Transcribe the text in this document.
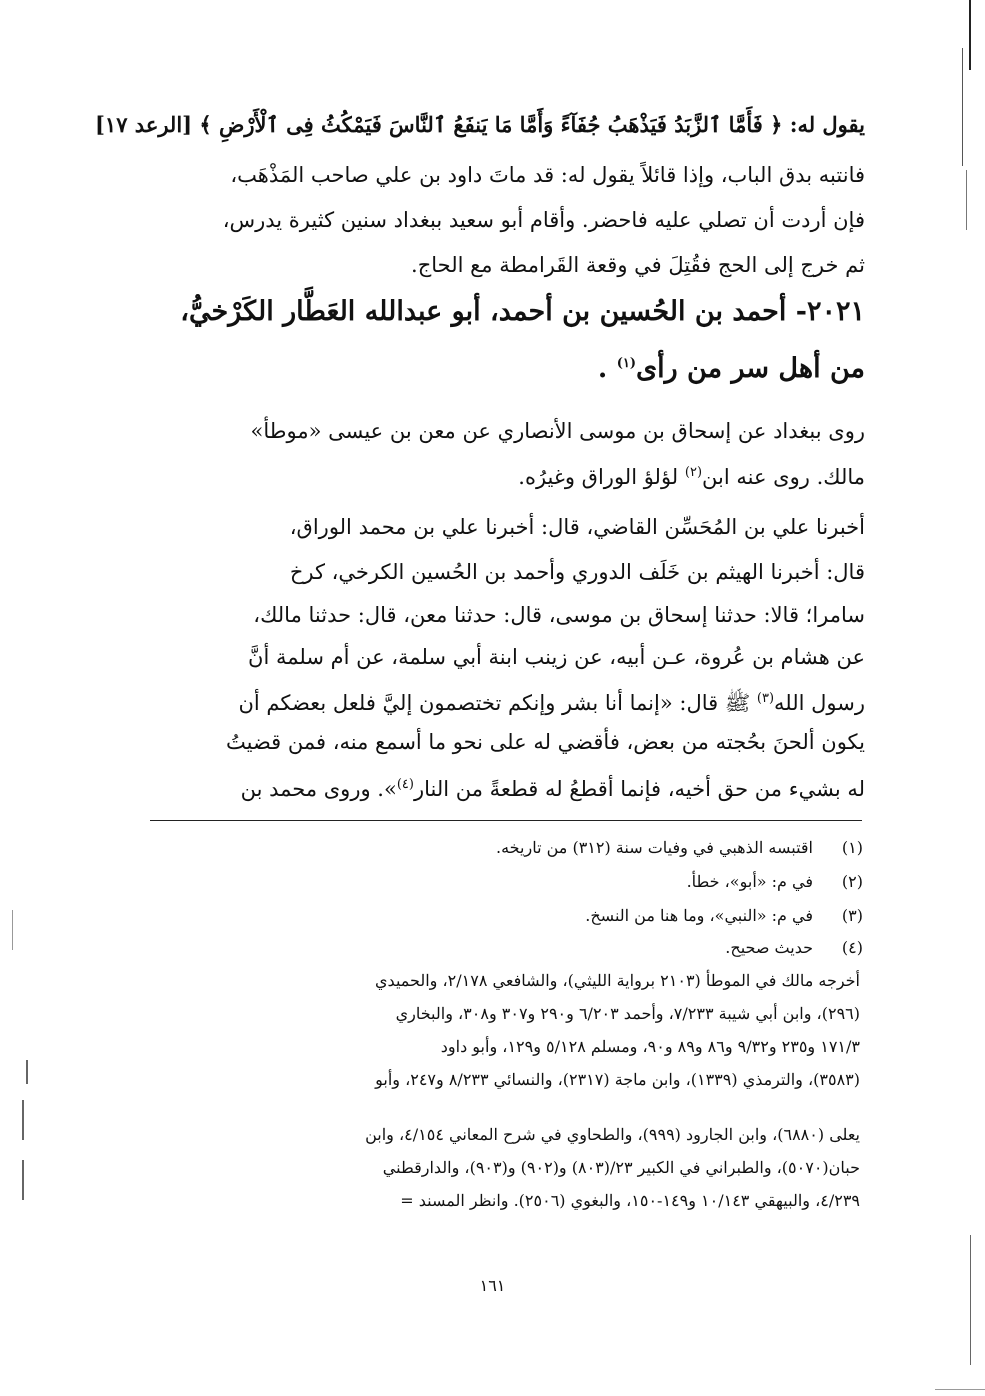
يقول له: ﴿ فَأَمَّا ٱلزَّبَدُ فَيَذْهَبُ جُفَآءً وَأَمَّا مَا يَنفَعُ ٱلنَّاسَ فَيَمْكُثُ فِى ٱلْأَرْضِ ﴾ [الرعد ١٧]
فانتبه بدق الباب، وإذا قائلاً يقول له: قد ماتَ داود بن علي صاحب المَذْهَب،
فإن أردت أن تصلي عليه فاحضر. وأقام أبو سعيد ببغداد سنين كثيرة يدرس،
ثم خرج إلى الحج فقُتِلَ في وقعة القَرامطة مع الحاج.
٢٠٢١- أحمد بن الحُسين بن أحمد، أبو عبدالله العَطَّار الكَرْخيُّ،
من أهل سر من رأى$^{(١)}$ .
روى ببغداد عن إسحاق بن موسى الأنصاري عن معن بن عيسى «موطأ»
مالك. روى عنه ابن$^{(٢)}$ لؤلؤ الوراق وغيرُه.
أخبرنا علي بن المُحَسِّن القاضي، قال: أخبرنا علي بن محمد الوراق،
قال: أخبرنا الهيثم بن خَلَف الدوري وأحمد بن الحُسين الكرخي، كرخ
سامرا؛ قالا: حدثنا إسحاق بن موسى، قال: حدثنا معن، قال: حدثنا مالك،
عن هشام بن عُروة، عـن أبيه، عن زينب ابنة أبي سلمة، عن أم سلمة أنَّ
رسول الله$^{(٣)}$ ﷺ قال: «إنما أنا بشر وإنكم تختصمون إليَّ فلعل بعضكم أن
يكون ألحنَ بحُجته من بعض، فأقضي له على نحو ما أسمع منه، فمن قضيتُ
له بشيء من حق أخيه، فإنما أقطعُ له قطعةً من النار$^{(٤)}$». وروى محمد بن
(١)
اقتبسه الذهبي في وفيات سنة (٣١٢) من تاريخه.
(٢)
في م: «أبو»، خطأ.
(٣)
في م: «النبي»، وما هنا من النسخ.
(٤)
حديث صحيح.
أخرجه مالك في الموطأ (٢١٠٣ برواية الليثي)، والشافعي ٢/١٧٨، والحميدي
(٢٩٦)، وابن أبي شيبة ٧/٢٣٣، وأحمد ٦/٢٠٣ و٢٩٠ و٣٠٧ و٣٠٨، والبخاري
١٧١/٣ و٢٣٥ و٩/٣٢ و٨٦ و٨٩ و٩٠، ومسلم ٥/١٢٨ و١٢٩، وأبو داود
(٣٥٨٣)، والترمذي (١٣٣٩)، وابن ماجة (٢٣١٧)، والنسائي ٨/٢٣٣ و٢٤٧، وأبو
يعلى (٦٨٨٠)، وابن الجارود (٩٩٩)، والطحاوي في شرح المعاني ٤/١٥٤، وابن
حبان(٥٠٧٠)، والطبراني في الكبير ٢٣/(٨٠٣) و(٩٠٢) و(٩٠٣)، والدارقطني
٤/٢٣٩، والبيهقي ١٠/١٤٣ و١٤٩-١٥٠، والبغوي (٢٥٠٦). وانظر المسند =
١٦١
